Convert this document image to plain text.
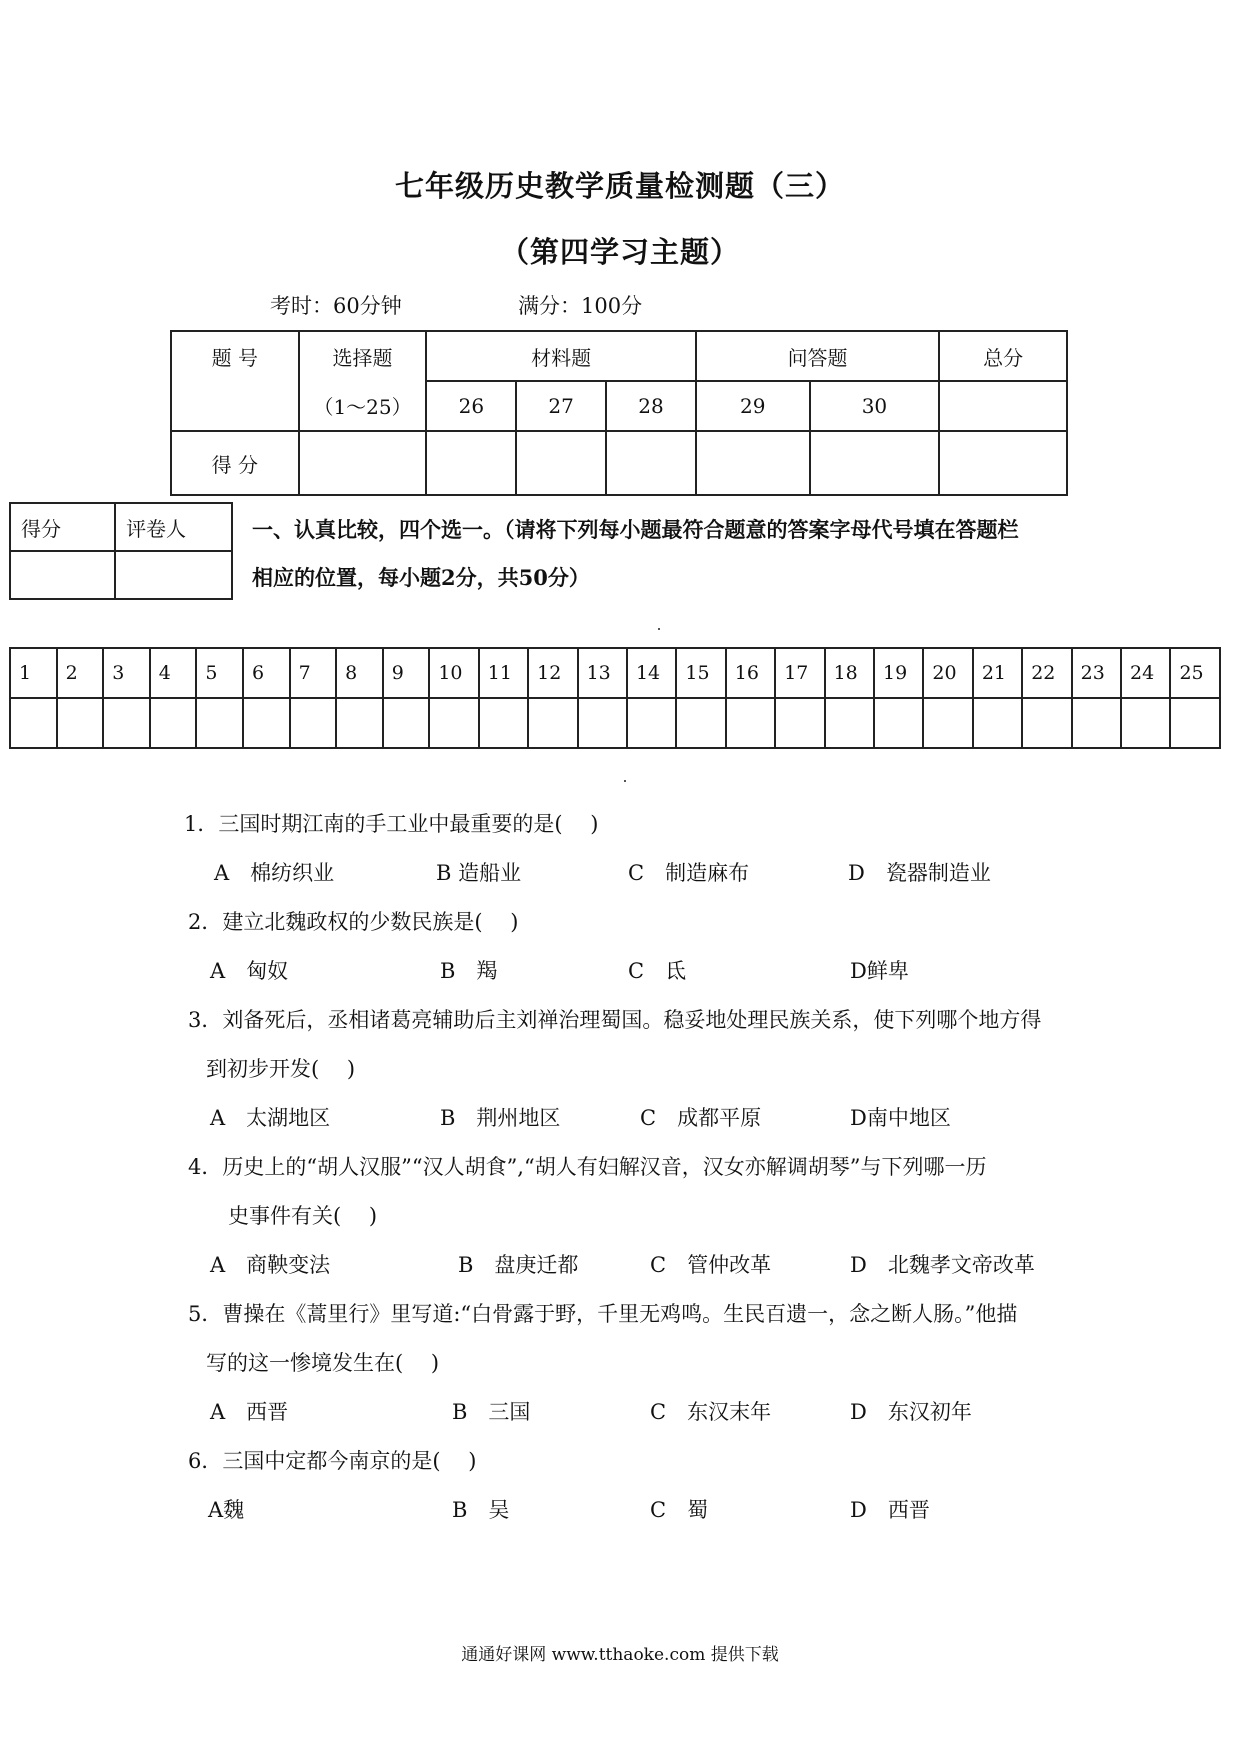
七年级历史教学质量检测题（三）
（第四学习主题）
考时：60分钟	满分：100分
题 号	选择题	材料题			问答题		总分
	（1～25）	26	27	28	29	30	
得 分							
得分	评卷人
		一、认真比较，四个选一。（请将下列每小题最符合题意的答案字母代号填在答题栏
相应的位置，每小题2分，共50分）
1	2	3	4	5	6	7	8	9	10	11	12	13	14	15	16	17	18	19	20	21	22	23	24	25

1．三国时期江南的手工业中最重要的是(　 )
A　棉纺织业	B 造船业	C　制造麻布	D　瓷器制造业
2．建立北魏政权的少数民族是(　 )
A　匈奴	B　羯	C　氐	D鲜卑
3．刘备死后，丞相诸葛亮辅助后主刘禅治理蜀国。稳妥地处理民族关系，使下列哪个地方得
到初步开发(　 )
A　太湖地区	B　荆州地区	C　成都平原	D南中地区
4．历史上的“胡人汉服”“汉人胡食”,“胡人有妇解汉音，汉女亦解调胡琴”与下列哪一历
史事件有关(　 )
A　商鞅变法	B　盘庚迁都	C　管仲改革	D　北魏孝文帝改革
5．曹操在《蒿里行》里写道:“白骨露于野，千里无鸡鸣。生民百遗一，念之断人肠。”他描
写的这一惨境发生在(　 )
A　西晋	B　三国	C　东汉末年	D　东汉初年
6．三国中定都今南京的是(　 )
A魏	B　吴	C　蜀	D　西晋
通通好课网 www.tthaoke.com 提供下载
